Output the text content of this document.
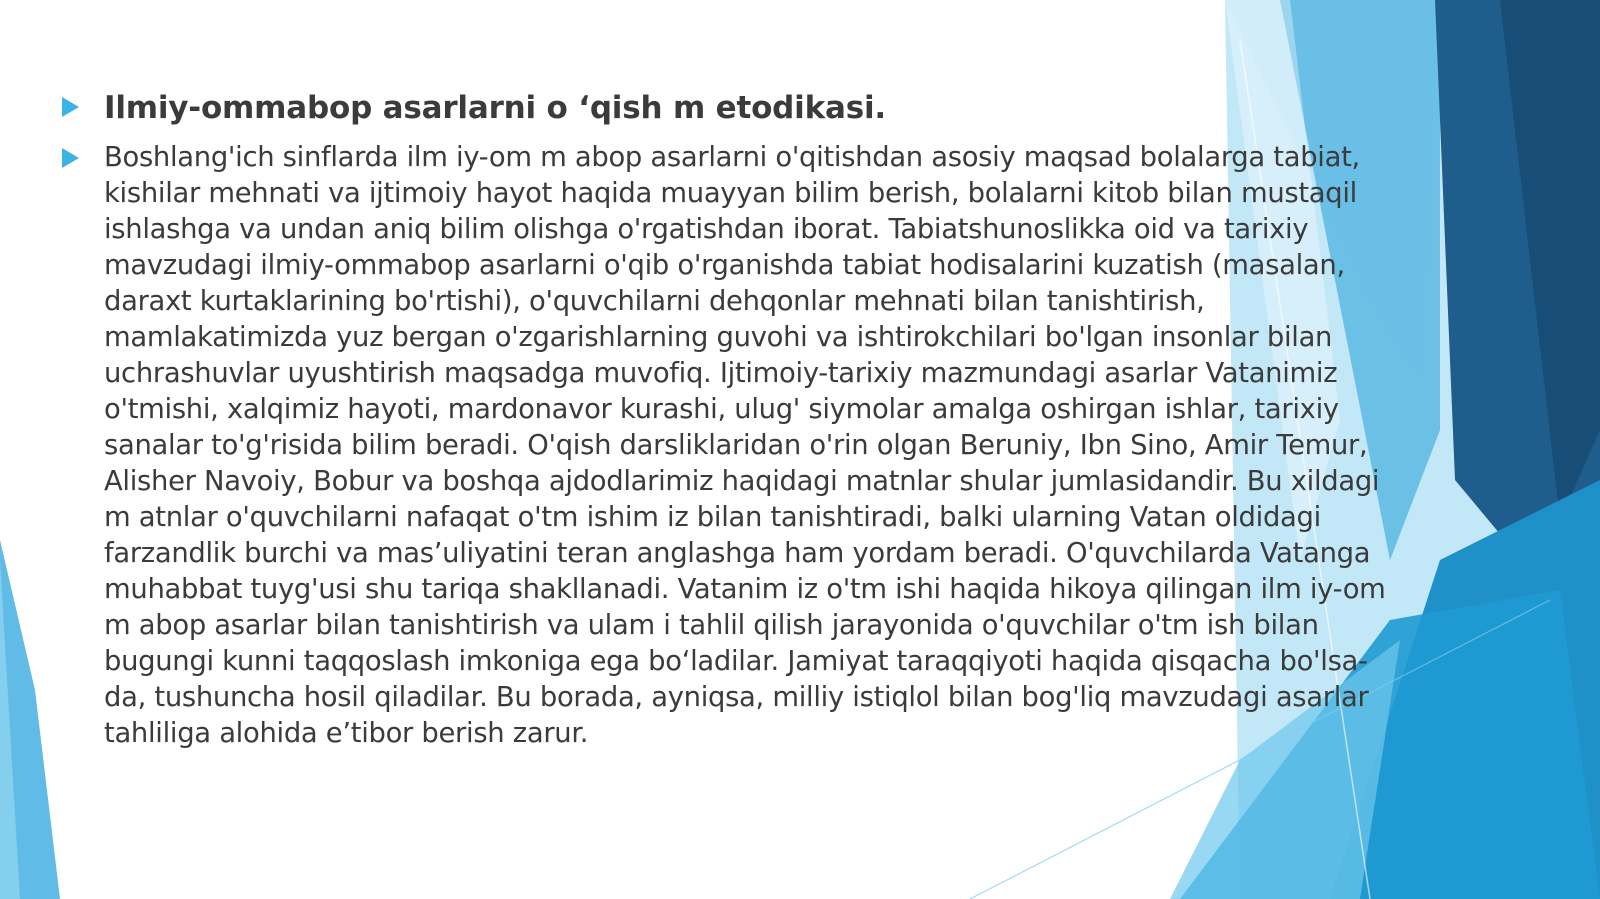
Ilmiy-ommabop asarlarni o ‘qish m etodikasi.

Boshlang'ich sinflarda ilm iy-om m abop asarlarni o'qitishdan asosiy maqsad bolalarga tabiat, kishilar mehnati va ijtimoiy hayot haqida muayyan bilim berish, bolalarni kitob bilan mustaqil ishlashga va undan aniq bilim olishga o'rgatishdan iborat. Tabiatshunoslikka oid va tarixiy mavzudagi ilmiy-ommabop asarlarni o'qib o'rganishda tabiat hodisalarini kuzatish (masalan, daraxt kurtaklarining bo'rtishi), o'quvchilarni dehqonlar mehnati bilan tanishtirish, mamlakatimizda yuz bergan o'zgarishlarning guvohi va ishtirokchilari bo'lgan insonlar bilan uchrashuvlar uyushtirish maqsadga muvofiq. Ijtimoiy-tarixiy mazmundagi asarlar Vatanimiz o'tmishi, xalqimiz hayoti, mardonavor kurashi, ulug' siymolar amalga oshirgan ishlar, tarixiy sanalar to'g'risida bilim beradi. O'qish darsliklaridan o'rin olgan Beruniy, Ibn Sino, Amir Temur, Alisher Navoiy, Bobur va boshqa ajdodlarimiz haqidagi matnlar shular jumlasidandir. Bu xildagi m atnlar o'quvchilarni nafaqat o'tm ishim iz bilan tanishtiradi, balki ularning Vatan oldidagi farzandlik burchi va mas’uliyatini teran anglashga ham yordam beradi. O'quvchilarda Vatanga muhabbat tuyg'usi shu tariqa shakllanadi. Vatanim iz o'tm ishi haqida hikoya qilingan ilm iy-om m abop asarlar bilan tanishtirish va ulam i tahlil qilish jarayonida o'quvchilar o'tm ish bilan bugungi kunni taqqoslash imkoniga ega bo‘ladilar. Jamiyat taraqqiyoti haqida qisqacha bo'lsa-da, tushuncha hosil qiladilar. Bu borada, ayniqsa, milliy istiqlol bilan bog'liq mavzudagi asarlar tahliliga alohida e’tibor berish zarur.
